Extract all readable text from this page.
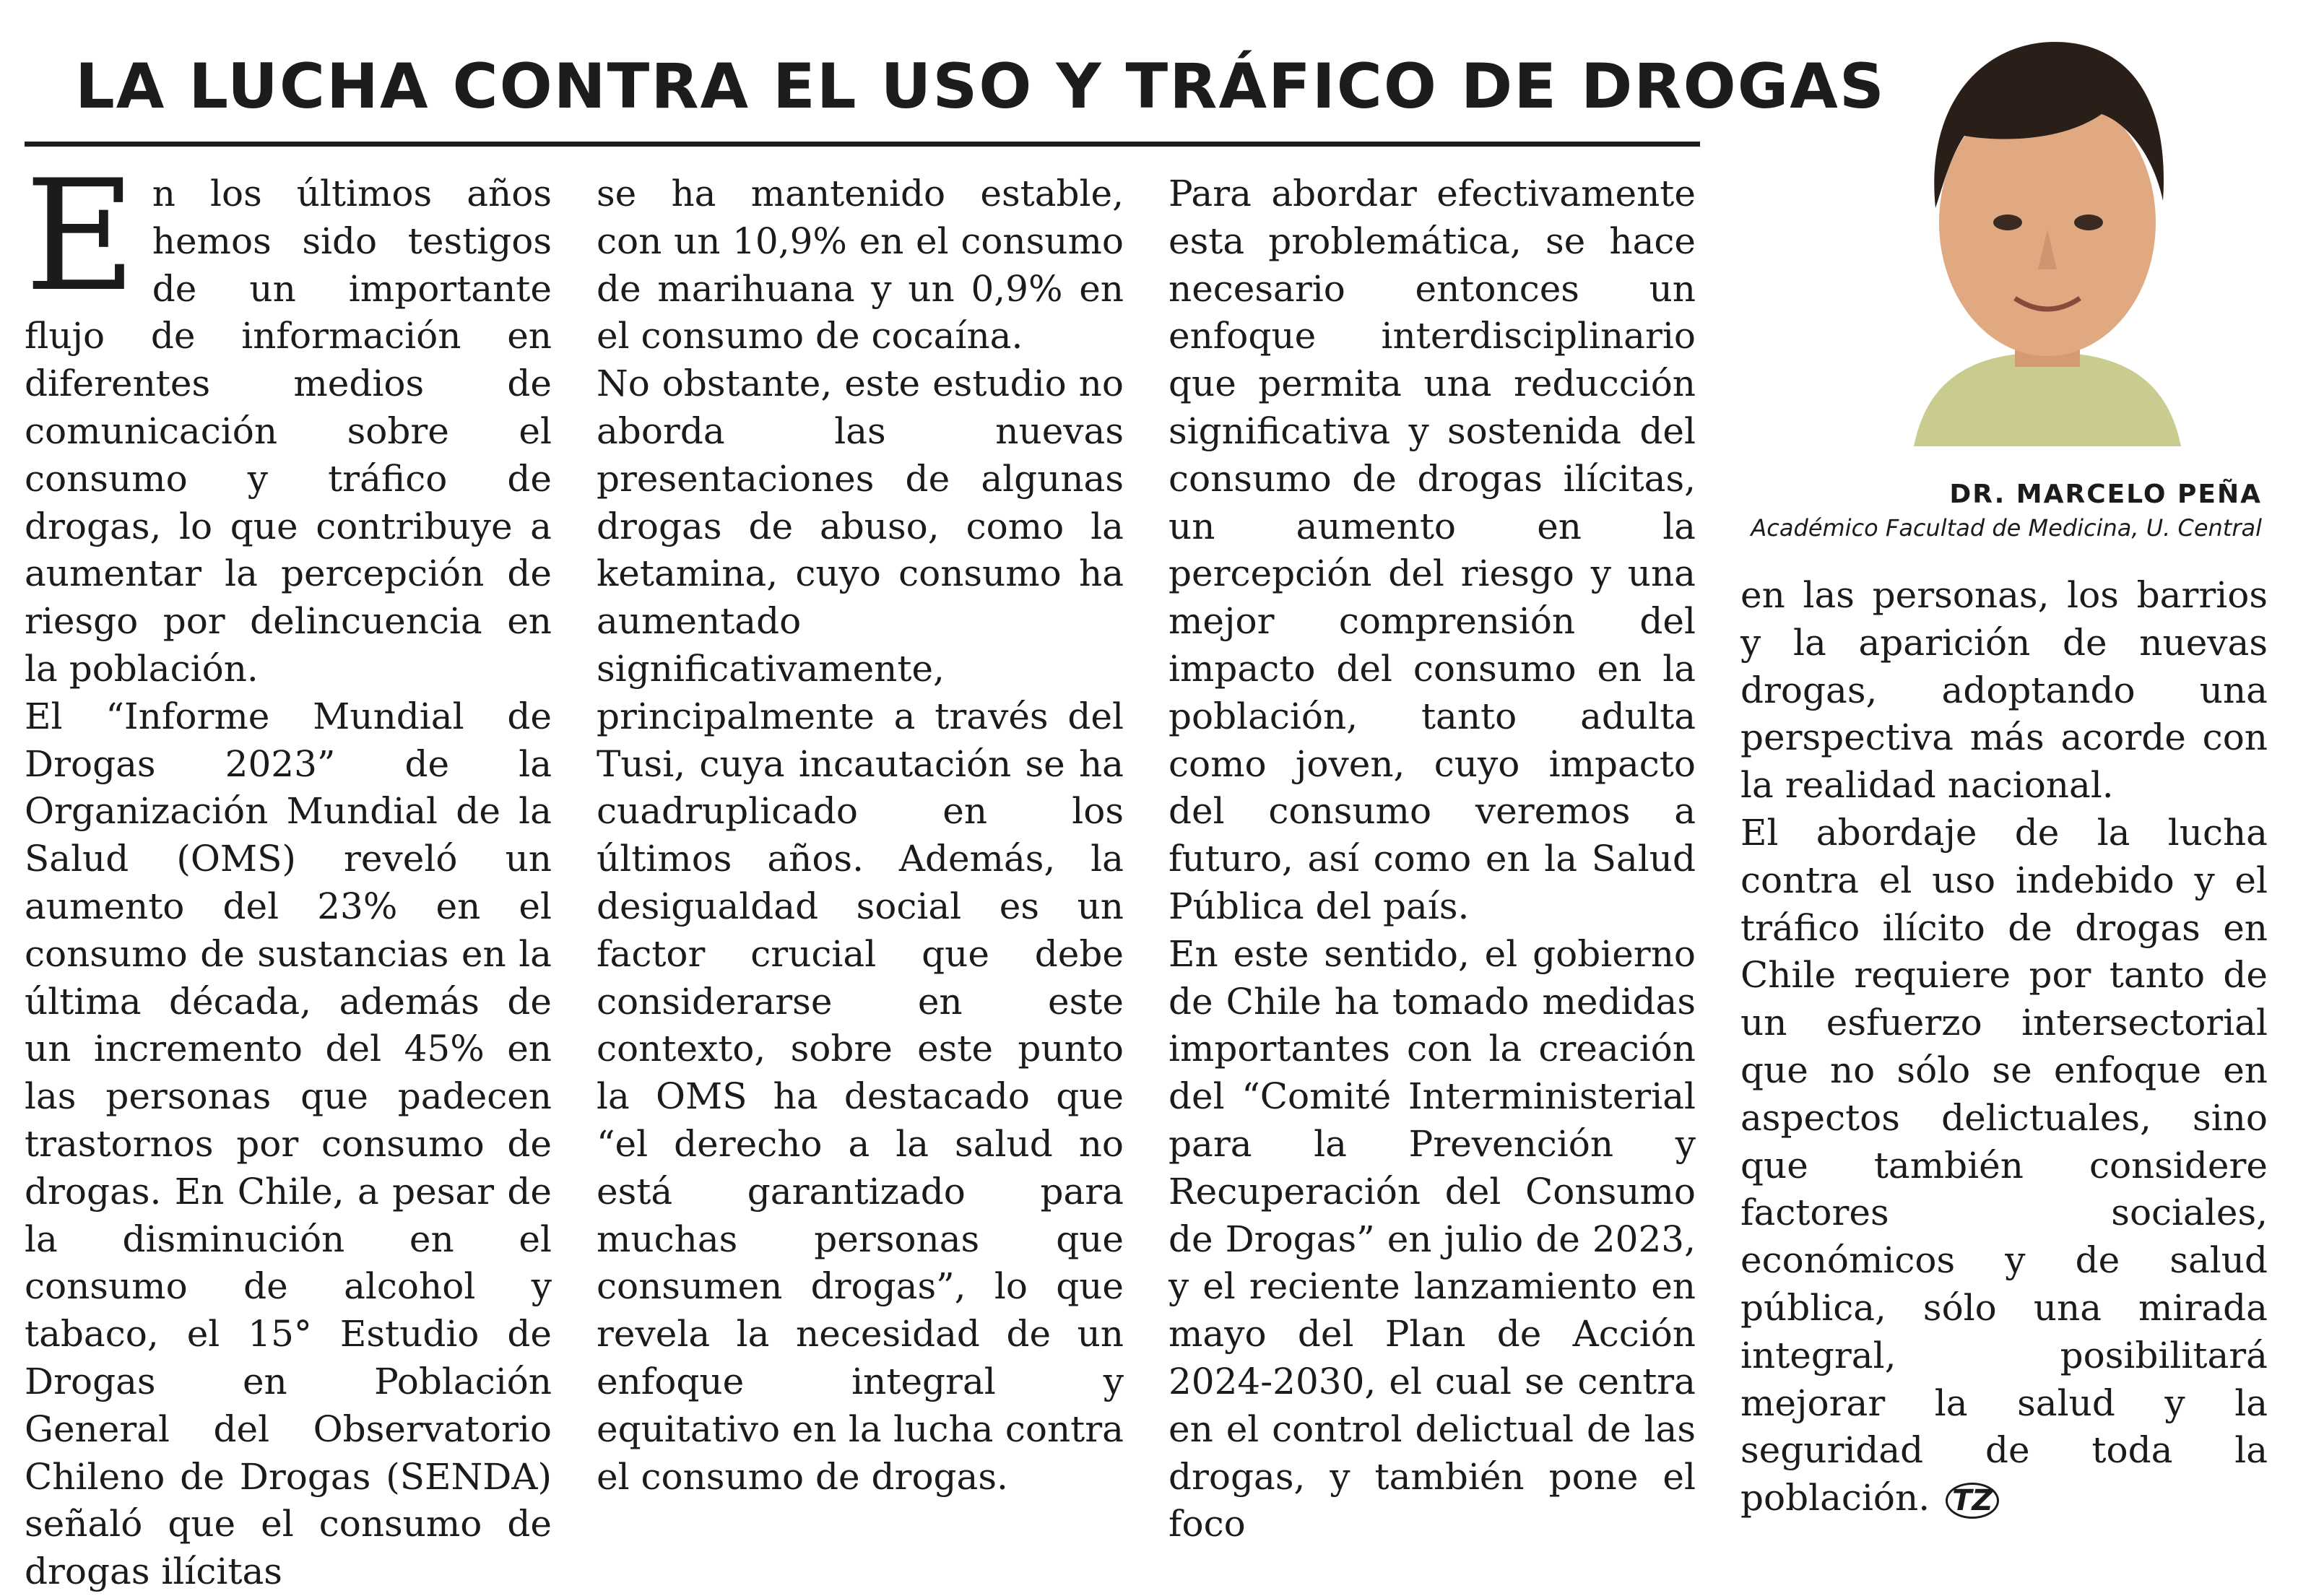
LA LUCHA CONTRA EL USO Y TRÁFICO DE DROGAS

En los últimos años hemos sido testigos de un importante flujo de información en diferentes medios de comunicación sobre el consumo y tráfico de drogas, lo que contribuye a aumentar la percepción de riesgo por delincuencia en la población.

El “Informe Mundial de Drogas 2023” de la Organización Mundial de la Salud (OMS) reveló un aumento del 23% en el consumo de sustancias en la última década, además de un incremento del 45% en las personas que padecen trastornos por consumo de drogas. En Chile, a pesar de la disminución en el consumo de alcohol y tabaco, el 15° Estudio de Drogas en Población General del Observatorio Chileno de Drogas (SENDA) señaló que el consumo de drogas ilícitas

se ha mantenido estable, con un 10,9% en el consumo de marihuana y un 0,9% en el consumo de cocaína.

No obstante, este estudio no aborda las nuevas presentaciones de algunas drogas de abuso, como la ketamina, cuyo consumo ha aumentado significativamente, principalmente a través del Tusi, cuya incautación se ha cuadruplicado en los últimos años. Además, la desigualdad social es un factor crucial que debe considerarse en este contexto, sobre este punto la OMS ha destacado que “el derecho a la salud no está garantizado para muchas personas que consumen drogas”, lo que revela la necesidad de un enfoque integral y equitativo en la lucha contra el consumo de drogas.

Para abordar efectivamente esta problemática, se hace necesario entonces un enfoque interdisciplinario que permita una reducción significativa y sostenida del consumo de drogas ilícitas, un aumento en la percepción del riesgo y una mejor comprensión del impacto del consumo en la población, tanto adulta como joven, cuyo impacto del consumo veremos a futuro, así como en la Salud Pública del país.

En este sentido, el gobierno de Chile ha tomado medidas importantes con la creación del “Comité Interministerial para la Prevención y Recuperación del Consumo de Drogas” en julio de 2023, y el reciente lanzamiento en mayo del Plan de Acción 2024-2030, el cual se centra en el control delictual de las drogas, y también pone el foco

DR. MARCELO PEÑA

Académico Facultad de Medicina, U. Central

en las personas, los barrios y la aparición de nuevas drogas, adoptando una perspectiva más acorde con la realidad nacional.

El abordaje de la lucha contra el uso indebido y el tráfico ilícito de drogas en Chile requiere por tanto de un esfuerzo intersectorial que no sólo se enfoque en aspectos delictuales, sino que también considere factores sociales, económicos y de salud pública, sólo una mirada integral, posibilitará mejorar la salud y la seguridad de toda la población. TZ
